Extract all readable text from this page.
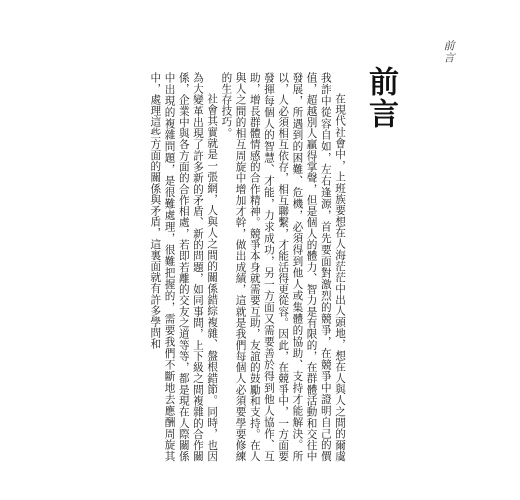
前言
前言

在現代社會中，上班族要想在人海茫茫中出人頭地，想在人與人之間的爾虞我詐中從容自如，左右逢源，首先要面對激烈的競爭，在競爭中證明自己的價值，超越別人贏得掌聲，但是個人的體力、智力是有限的，在群體活動和交往中發展，所遇到的困難、危機，必須得到他人或集體的協助、支持才能解決。所以，人必須相互依存，相互聯繫，才能活得更從容。因此，在競爭中，一方面要發揮每個人的智慧、才能，力求成功，另一方面又需要善於得到他人協作、互助，增長群體情感的合作精神。競爭本身就需要互助，友誼的鼓勵和支持。在人與人之間的相互周旋中增加才幹，做出成績，這就是我們每個人必須要學要修練的生存技巧。

社會其實就是一張網，人與人之間的關係錯綜複雜、盤根錯節。同時，也因為大變革出現了許多新的矛盾、新的問題，如同事間，上下級之間複雜的合作關係，企業中與各方面的合作相處，若即若離的交友之道等等，都是現在人際關係中出現的複雜問題，是很難處理，很難把握的，需要我們不斷地去應酬周旋其中，處理這些方面的關係與矛盾，這裏面就有許多學問和
